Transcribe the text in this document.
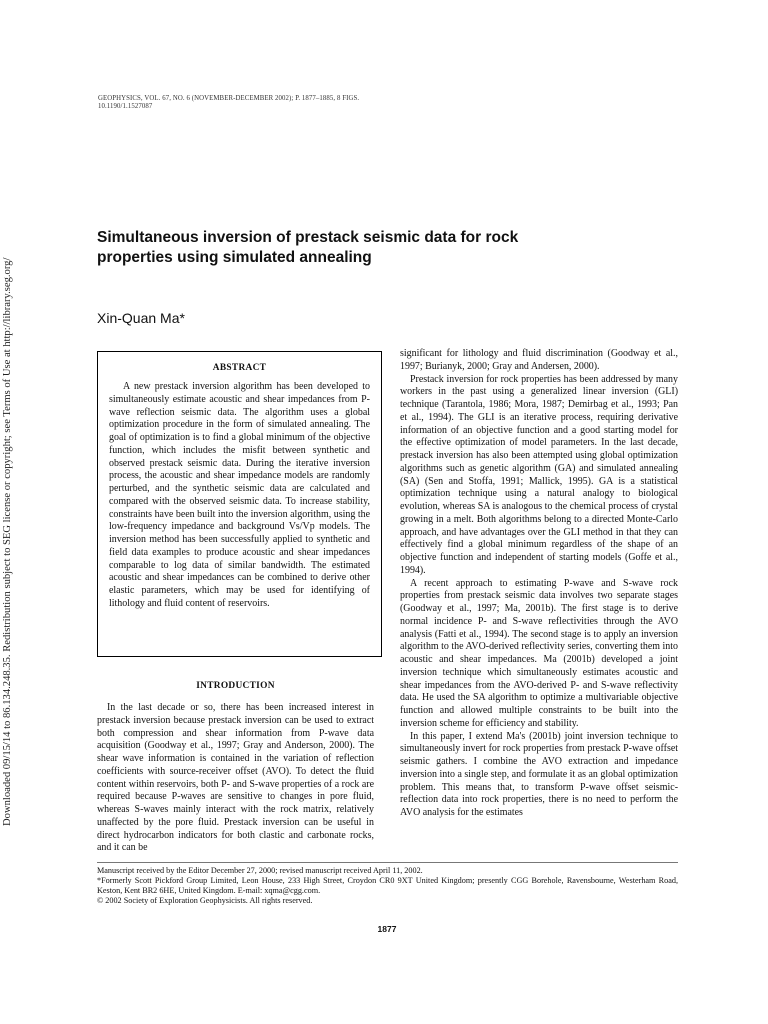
Downloaded 09/15/14 to 86.134.248.35. Redistribution subject to SEG license or copyright; see Terms of Use at http://library.seg.org/
GEOPHYSICS, VOL. 67, NO. 6 (NOVEMBER-DECEMBER 2002); P. 1877–1885, 8 FIGS.
10.1190/1.1527087
Simultaneous inversion of prestack seismic data for rock
properties using simulated annealing
Xin-Quan Ma*
ABSTRACT

A new prestack inversion algorithm has been developed to simultaneously estimate acoustic and shear impedances from P-wave reflection seismic data. The algorithm uses a global optimization procedure in the form of simulated annealing. The goal of optimization is to find a global minimum of the objective function, which includes the misfit between synthetic and observed prestack seismic data. During the iterative inversion process, the acoustic and shear impedance models are randomly perturbed, and the synthetic seismic data are calculated and compared with the observed seismic data. To increase stability, constraints have been built into the inversion algorithm, using the low-frequency impedance and background Vs/Vp models. The inversion method has been successfully applied to synthetic and field data examples to produce acoustic and shear impedances comparable to log data of similar bandwidth. The estimated acoustic and shear impedances can be combined to derive other elastic parameters, which may be used for identifying of lithology and fluid content of reservoirs.

INTRODUCTION

In the last decade or so, there has been increased interest in prestack inversion because prestack inversion can be used to extract both compression and shear information from P-wave data acquisition (Goodway et al., 1997; Gray and Anderson, 2000). The shear wave information is contained in the variation of reflection coefficients with source-receiver offset (AVO). To detect the fluid content within reservoirs, both P- and S-wave properties of a rock are required because P-waves are sensitive to changes in pore fluid, whereas S-waves mainly interact with the rock matrix, relatively unaffected by the pore fluid. Prestack inversion can be useful in direct hydrocarbon indicators for both clastic and carbonate rocks, and it can be

significant for lithology and fluid discrimination (Goodway et al., 1997; Burianyk, 2000; Gray and Andersen, 2000).

Prestack inversion for rock properties has been addressed by many workers in the past using a generalized linear inversion (GLI) technique (Tarantola, 1986; Mora, 1987; Demirbag et al., 1993; Pan et al., 1994). The GLI is an iterative process, requiring derivative information of an objective function and a good starting model for the effective optimization of model parameters. In the last decade, prestack inversion has also been attempted using global optimization algorithms such as genetic algorithm (GA) and simulated annealing (SA) (Sen and Stoffa, 1991; Mallick, 1995). GA is a statistical optimization technique using a natural analogy to biological evolution, whereas SA is analogous to the chemical process of crystal growing in a melt. Both algorithms belong to a directed Monte-Carlo approach, and have advantages over the GLI method in that they can effectively find a global minimum regardless of the shape of an objective function and independent of starting models (Goffe et al., 1994).

A recent approach to estimating P-wave and S-wave rock properties from prestack seismic data involves two separate stages (Goodway et al., 1997; Ma, 2001b). The first stage is to derive normal incidence P- and S-wave reflectivities through the AVO analysis (Fatti et al., 1994). The second stage is to apply an inversion algorithm to the AVO-derived reflectivity series, converting them into acoustic and shear impedances. Ma (2001b) developed a joint inversion technique which simultaneously estimates acoustic and shear impedances from the AVO-derived P- and S-wave reflectivity data. He used the SA algorithm to optimize a multivariable objective function and allowed multiple constraints to be built into the inversion scheme for efficiency and stability.

In this paper, I extend Ma's (2001b) joint inversion technique to simultaneously invert for rock properties from prestack P-wave offset seismic gathers. I combine the AVO extraction and impedance inversion into a single step, and formulate it as an global optimization problem. This means that, to transform P-wave offset seismic-reflection data into rock properties, there is no need to perform the AVO analysis for the estimates

Manuscript received by the Editor December 27, 2000; revised manuscript received April 11, 2002.
*Formerly Scott Pickford Group Limited, Leon House, 233 High Street, Croydon CR0 9XT United Kingdom; presently CGG Borehole, Ravensbourne, Westerham Road, Keston, Kent BR2 6HE, United Kingdom. E-mail: xqma@cgg.com.
© 2002 Society of Exploration Geophysicists. All rights reserved.
1877
